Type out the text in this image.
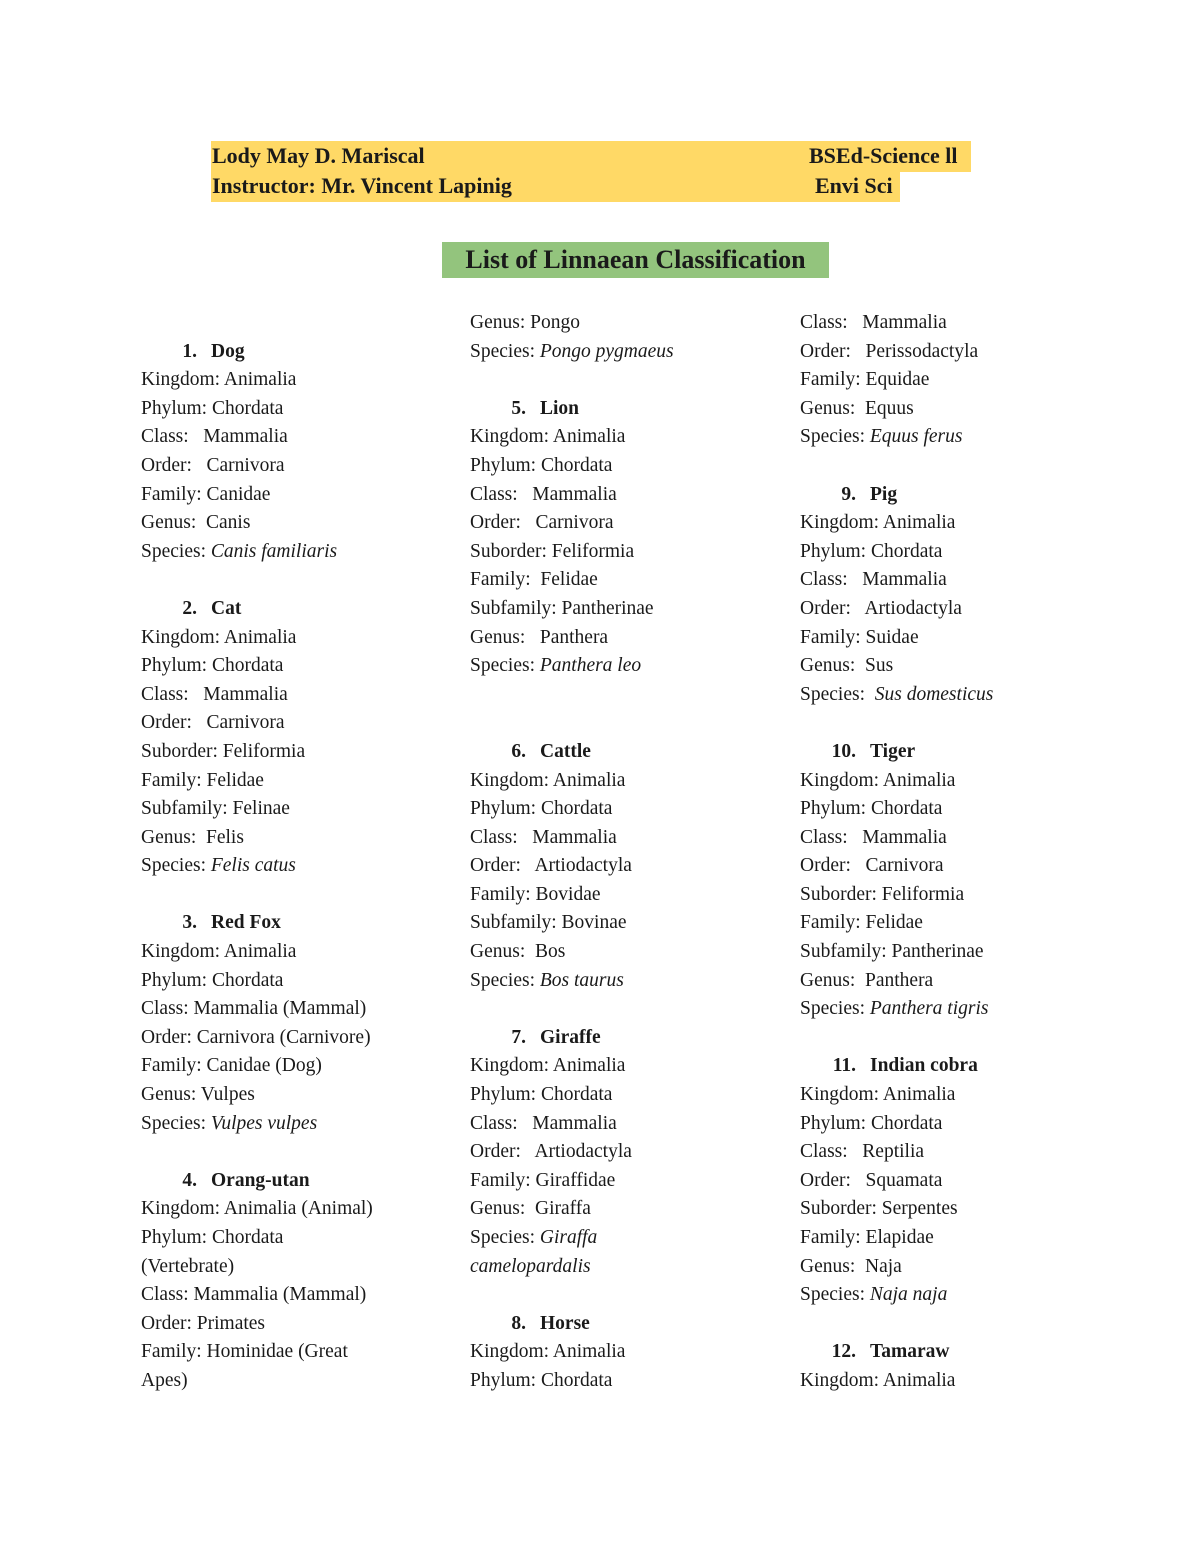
Lody May D. Mariscal	BSEd-Science ll
Instructor: Mr. Vincent Lapinig	Envi Sci
List of Linnaean Classification
1. Dog
Kingdom: Animalia
Phylum: Chordata
Class:   Mammalia
Order:   Carnivora
Family: Canidae
Genus:  Canis
Species: Canis familiaris
2. Cat
Kingdom: Animalia
Phylum: Chordata
Class:   Mammalia
Order:   Carnivora
Suborder: Feliformia
Family: Felidae
Subfamily: Felinae
Genus:  Felis
Species: Felis catus
3. Red Fox
Kingdom: Animalia
Phylum: Chordata
Class: Mammalia (Mammal)
Order: Carnivora (Carnivore)
Family: Canidae (Dog)
Genus: Vulpes
Species: Vulpes vulpes
4. Orang-utan
Kingdom: Animalia (Animal)
Phylum: Chordata
(Vertebrate)
Class: Mammalia (Mammal)
Order: Primates
Family: Hominidae (Great
Apes)
Genus: Pongo
Species: Pongo pygmaeus
5. Lion
Kingdom: Animalia
Phylum: Chordata
Class:   Mammalia
Order:   Carnivora
Suborder: Feliformia
Family:  Felidae
Subfamily: Pantherinae
Genus:   Panthera
Species: Panthera leo
6. Cattle
Kingdom: Animalia
Phylum: Chordata
Class:   Mammalia
Order:   Artiodactyla
Family: Bovidae
Subfamily: Bovinae
Genus:  Bos
Species: Bos taurus
7. Giraffe
Kingdom: Animalia
Phylum: Chordata
Class:   Mammalia
Order:   Artiodactyla
Family: Giraffidae
Genus:  Giraffa
Species: Giraffa
camelopardalis
8. Horse
Kingdom: Animalia
Phylum: Chordata
Class:   Mammalia
Order:   Perissodactyla
Family: Equidae
Genus:  Equus
Species: Equus ferus
9. Pig
Kingdom: Animalia
Phylum: Chordata
Class:   Mammalia
Order:   Artiodactyla
Family: Suidae
Genus:  Sus
Species:  Sus domesticus
10. Tiger
Kingdom: Animalia
Phylum: Chordata
Class:   Mammalia
Order:   Carnivora
Suborder: Feliformia
Family: Felidae
Subfamily: Pantherinae
Genus:  Panthera
Species: Panthera tigris
11. Indian cobra
Kingdom: Animalia
Phylum: Chordata
Class:   Reptilia
Order:   Squamata
Suborder: Serpentes
Family: Elapidae
Genus:  Naja
Species: Naja naja
12. Tamaraw
Kingdom: Animalia
